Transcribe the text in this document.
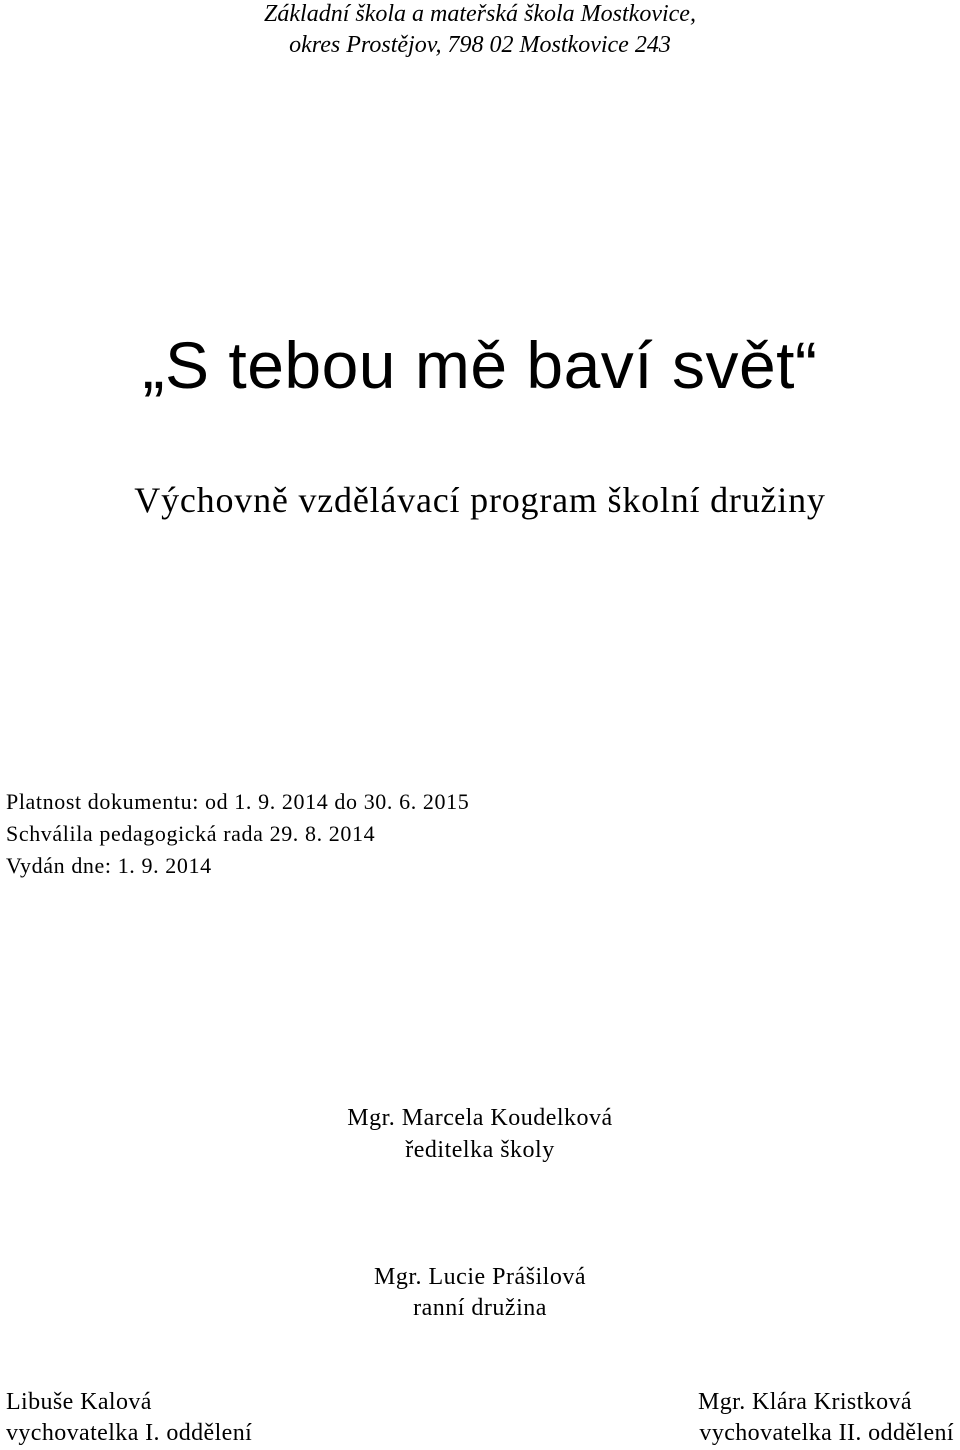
Základní škola a mateřská škola Mostkovice,
okres Prostějov, 798 02 Mostkovice 243
„S tebou mě baví svět“
Výchovně vzdělávací program školní družiny
Platnost dokumentu: od 1. 9. 2014 do 30. 6. 2015
Schválila pedagogická rada 29. 8. 2014
Vydán dne: 1. 9. 2014
Mgr. Marcela Koudelková
ředitelka školy
Mgr. Lucie Prášilová
ranní družina
Libuše Kalová
vychovatelka I. oddělení
Mgr. Klára Kristková
vychovatelka II. oddělení
